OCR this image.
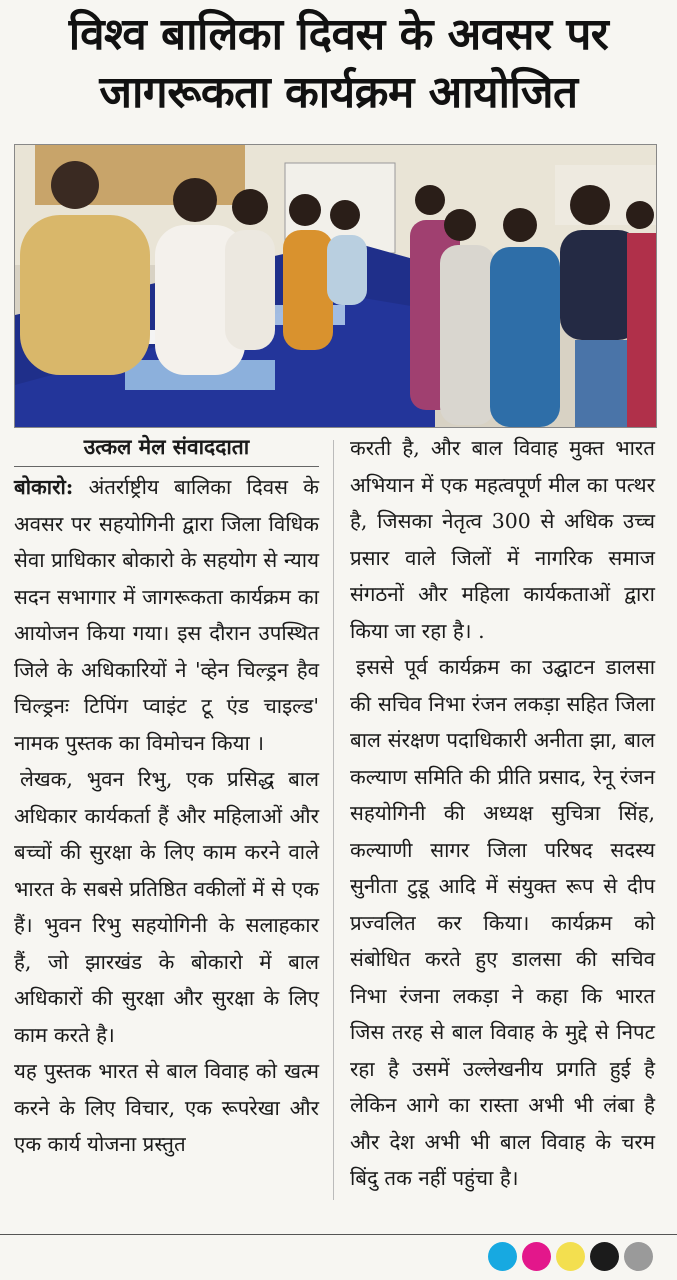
विश्व बालिका दिवस के अवसर पर
जागरूकता कार्यक्रम आयोजित
उत्कल मेल संवाददाता

बोकारो: अंतर्राष्ट्रीय बालिका दिवस के अवसर पर सहयोगिनी द्वारा जिला विधिक सेवा प्राधिकार बोकारो के सहयोग से न्याय सदन सभागार में जागरूकता कार्यक्रम का आयोजन किया गया। इस दौरान उपस्थित जिले के अधिकारियों ने 'व्हेन चिल्ड्रन हैव चिल्ड्रनः टिपिंग प्वाइंट टू एंड चाइल्ड' नामक पुस्तक का विमोचन किया ।

लेखक, भुवन रिभु, एक प्रसिद्ध बाल अधिकार कार्यकर्ता हैं और महिलाओं और बच्चों की सुरक्षा के लिए काम करने वाले भारत के सबसे प्रतिष्ठित वकीलों में से एक हैं। भुवन रिभु सहयोगिनी के सलाहकार हैं, जो झारखंड के बोकारो में बाल अधिकारों की सुरक्षा और सुरक्षा के लिए काम करते है।

यह पुस्तक भारत से बाल विवाह को खत्म करने के लिए विचार, एक रूपरेखा और एक कार्य योजना प्रस्तुत

करती है, और बाल विवाह मुक्त भारत अभियान में एक महत्वपूर्ण मील का पत्थर है, जिसका नेतृत्व 300 से अधिक उच्च प्रसार वाले जिलों में नागरिक समाज संगठनों और महिला कार्यकताओं द्वारा किया जा रहा है। .

इससे पूर्व कार्यक्रम का उद्घाटन डालसा की सचिव निभा रंजन लकड़ा सहित जिला बाल संरक्षण पदाधिकारी अनीता झा, बाल कल्याण समिति की प्रीति प्रसाद, रेनू रंजन सहयोगिनी की अध्यक्ष सुचित्रा सिंह, कल्याणी सागर जिला परिषद सदस्य सुनीता टुडू आदि में संयुक्त रूप से दीप प्रज्वलित कर किया। कार्यक्रम को संबोधित करते हुए डालसा की सचिव निभा रंजना लकड़ा ने कहा कि भारत जिस तरह से बाल विवाह के मुद्दे से निपट रहा है उसमें उल्लेखनीय प्रगति हुई है लेकिन आगे का रास्ता अभी भी लंबा है और देश अभी भी बाल विवाह के चरम बिंदु तक नहीं पहुंचा है।
